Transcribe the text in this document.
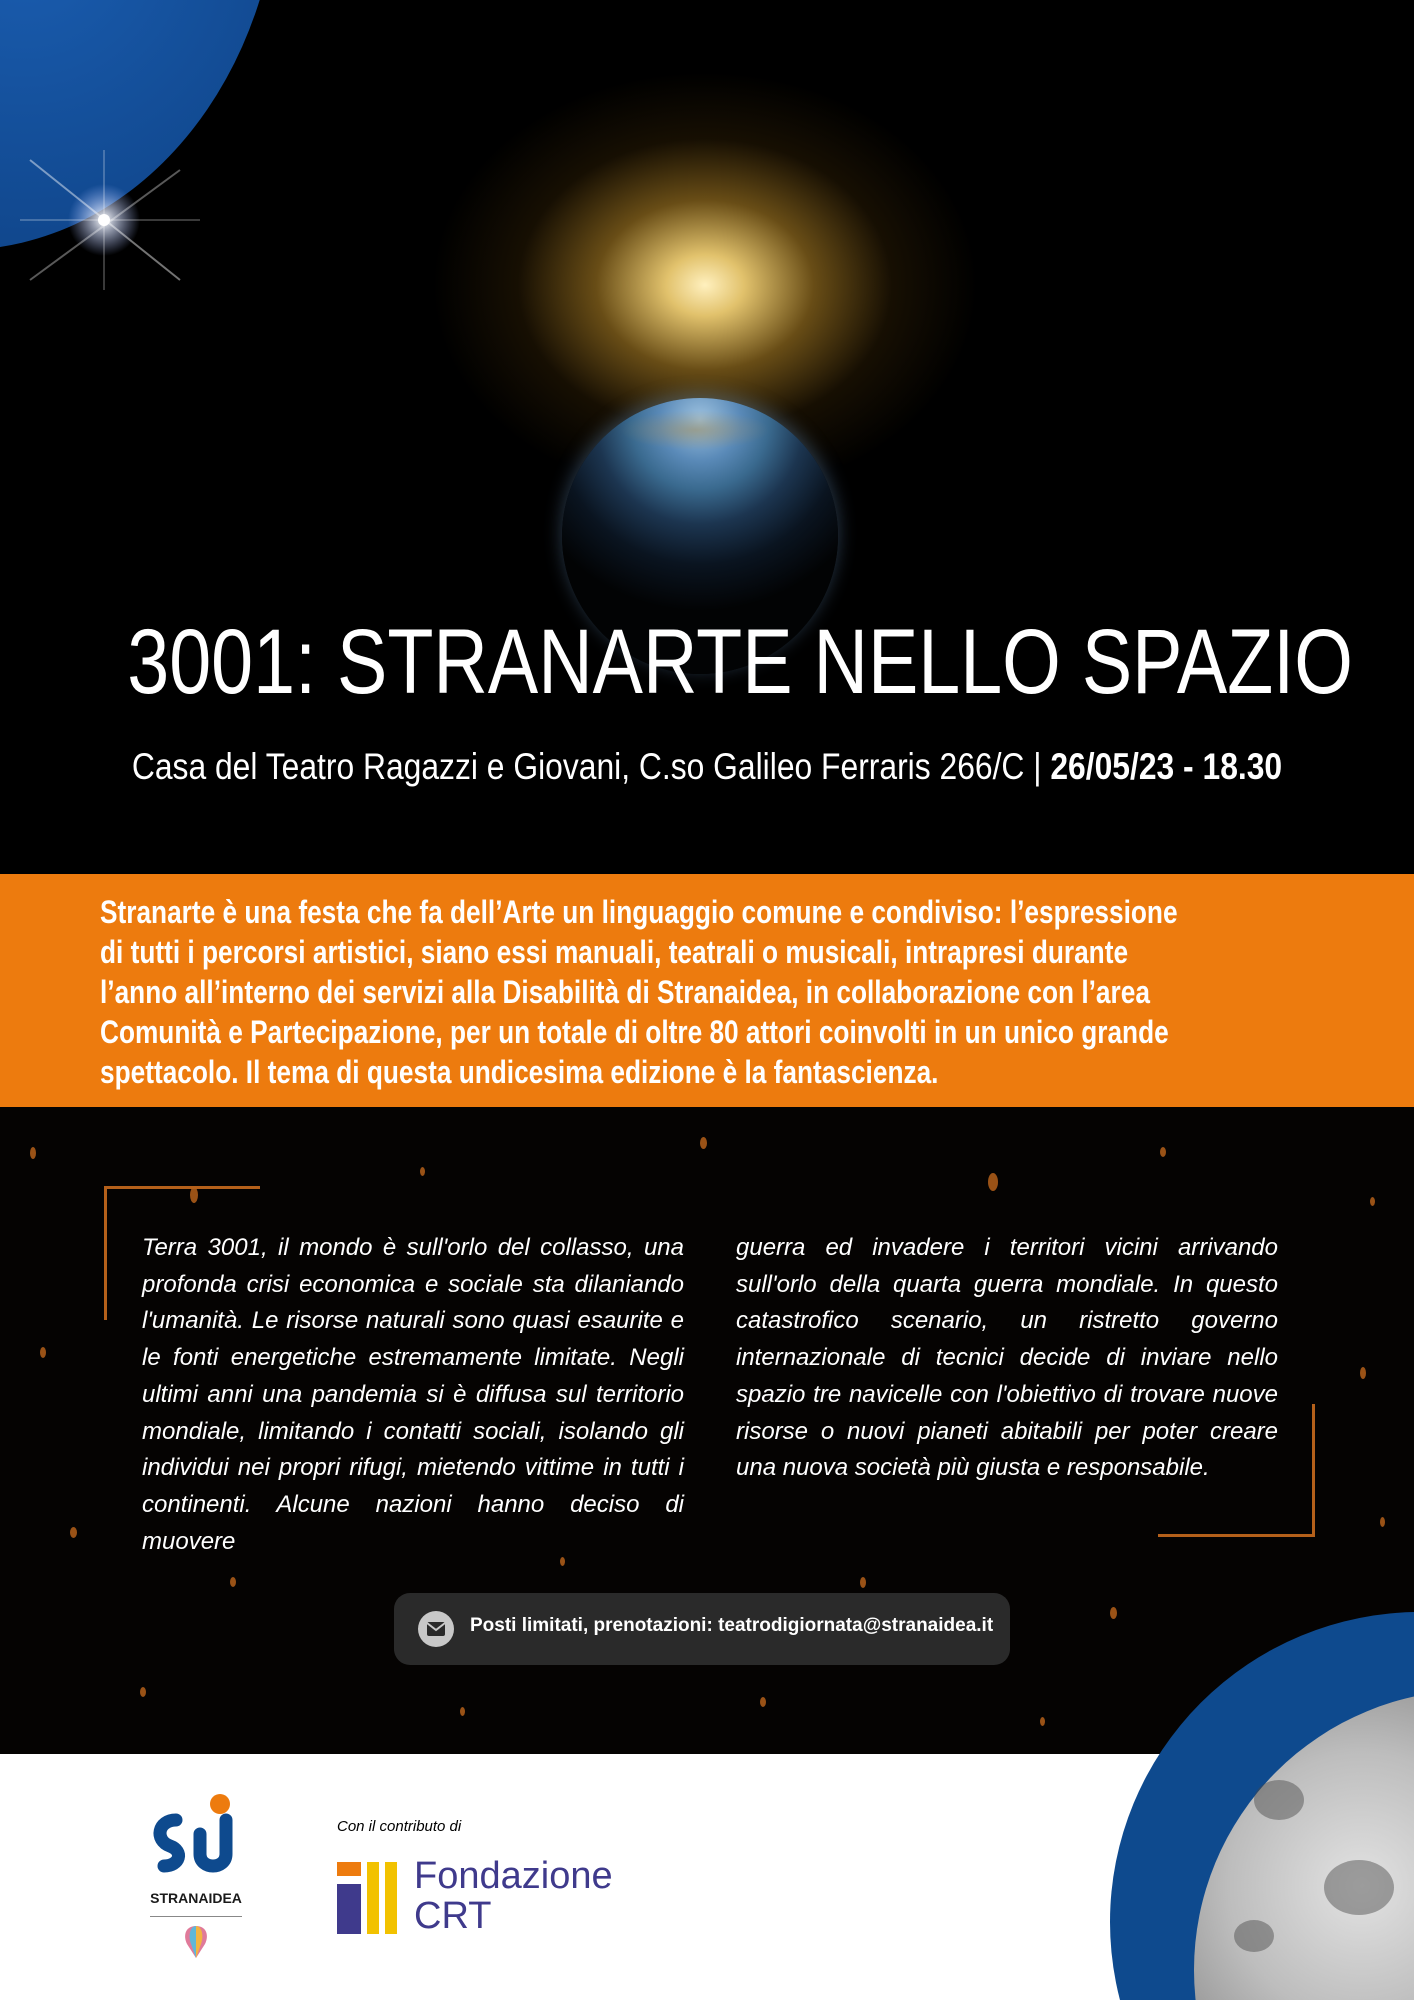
3001: STRANARTE NELLO SPAZIO
Casa del Teatro Ragazzi e Giovani, C.so Galileo Ferraris 266/C | 26/05/23 - 18.30
Stranarte è una festa che fa dell’Arte un linguaggio comune e condiviso: l’espressione di tutti i percorsi artistici, siano essi manuali, teatrali o musicali, intrapresi durante l’anno all’interno dei servizi alla Disabilità di Stranaidea, in collaborazione con l’area Comunità e Partecipazione, per un totale di oltre 80 attori coinvolti in un unico grande spettacolo. Il tema di questa undicesima edizione è la fantascienza.
Terra 3001, il mondo è sull'orlo del collasso, una profonda crisi economica e sociale sta dilaniando l'umanità. Le risorse naturali sono quasi esaurite e le fonti energetiche estremamente limitate. Negli ultimi anni una pandemia si è diffusa sul territorio mondiale, limitando i contatti sociali, isolando gli individui nei propri rifugi, mietendo vittime in tutti i continenti. Alcune nazioni hanno deciso di muovere
guerra ed invadere i territori vicini arrivando sull'orlo della quarta guerra mondiale. In questo catastrofico scenario, un ristretto governo internazionale di tecnici decide di inviare nello spazio tre navicelle con l'obiettivo di trovare nuove risorse o nuovi pianeti abitabili per poter creare una nuova società più giusta e responsabile.
Posti limitati, prenotazioni: teatrodigiornata@stranaidea.it
STRANAIDEA
Con il contributo di
Fondazione
CRT
